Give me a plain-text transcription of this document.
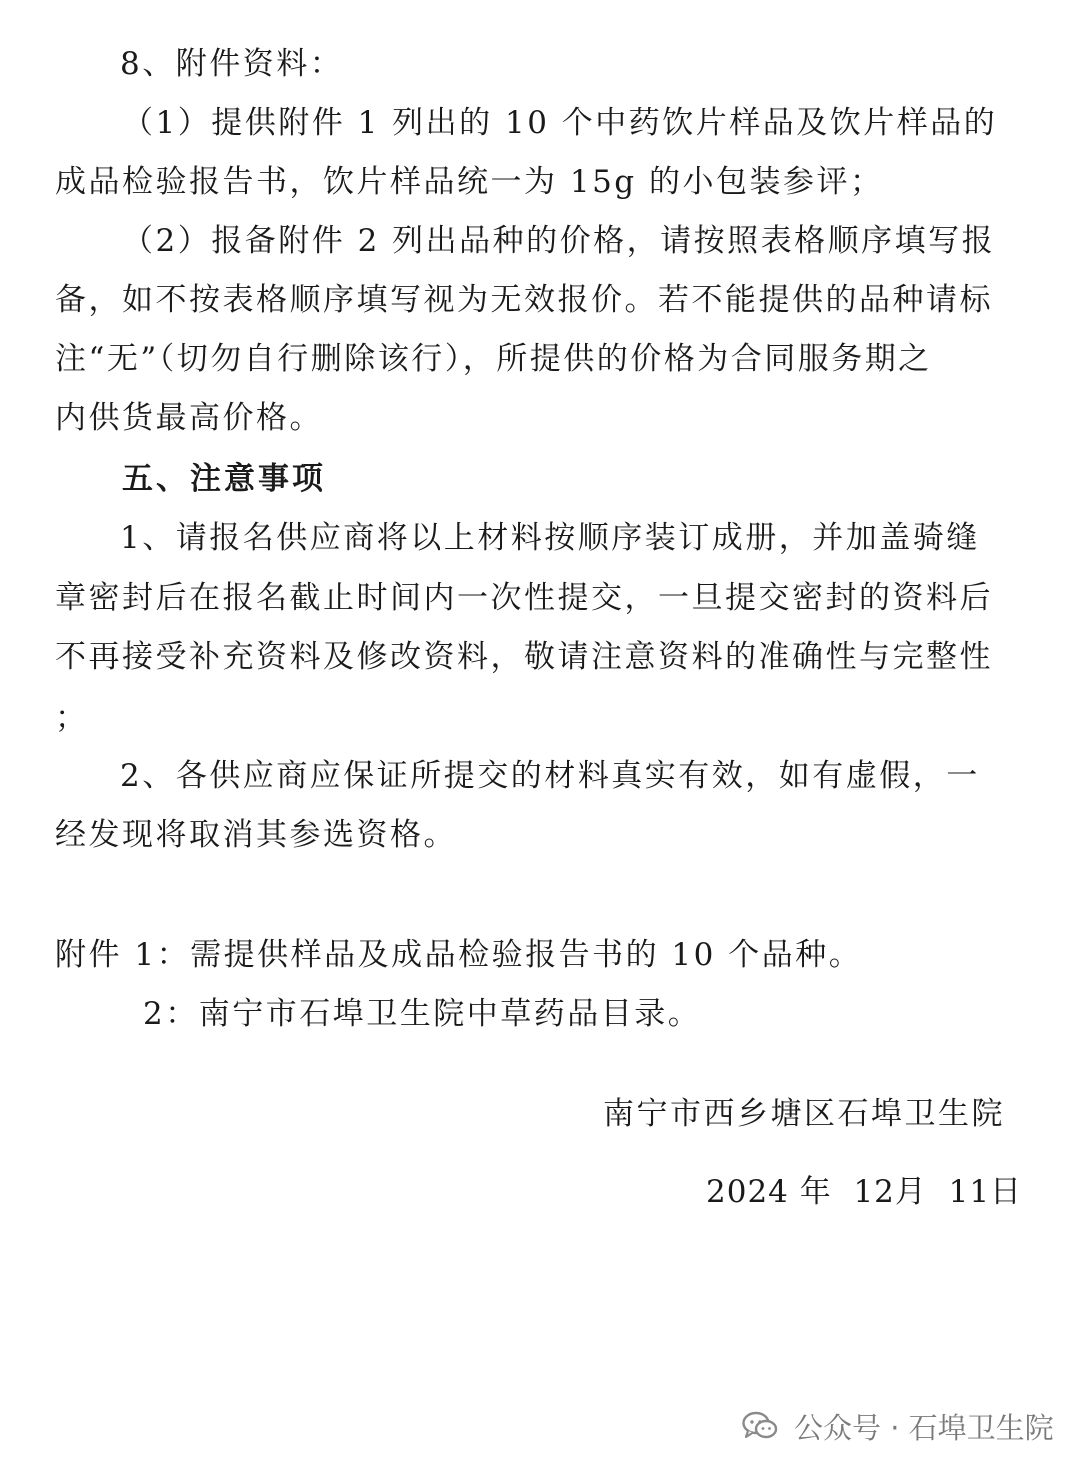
8、附件资料：
（1）提供附件 1 列出的 10 个中药饮片样品及饮片样品的
成品检验报告书，饮片样品统一为 15g 的小包装参评；
（2）报备附件 2 列出品种的价格，请按照表格顺序填写报
备，如不按表格顺序填写视为无效报价。若不能提供的品种请标
注“无”（切勿自行删除该行），所提供的价格为合同服务期之
内供货最高价格。
五、注意事项
1、请报名供应商将以上材料按顺序装订成册，并加盖骑缝
章密封后在报名截止时间内一次性提交，一旦提交密封的资料后
不再接受补充资料及修改资料，敬请注意资料的准确性与完整性
；
2、各供应商应保证所提交的材料真实有效，如有虚假，一
经发现将取消其参选资格。
附件 1：需提供样品及成品检验报告书的 10 个品种。
2：南宁市石埠卫生院中草药品目录。
南宁市西乡塘区石埠卫生院
2024 年  12月  11日
公众号 · 石埠卫生院
